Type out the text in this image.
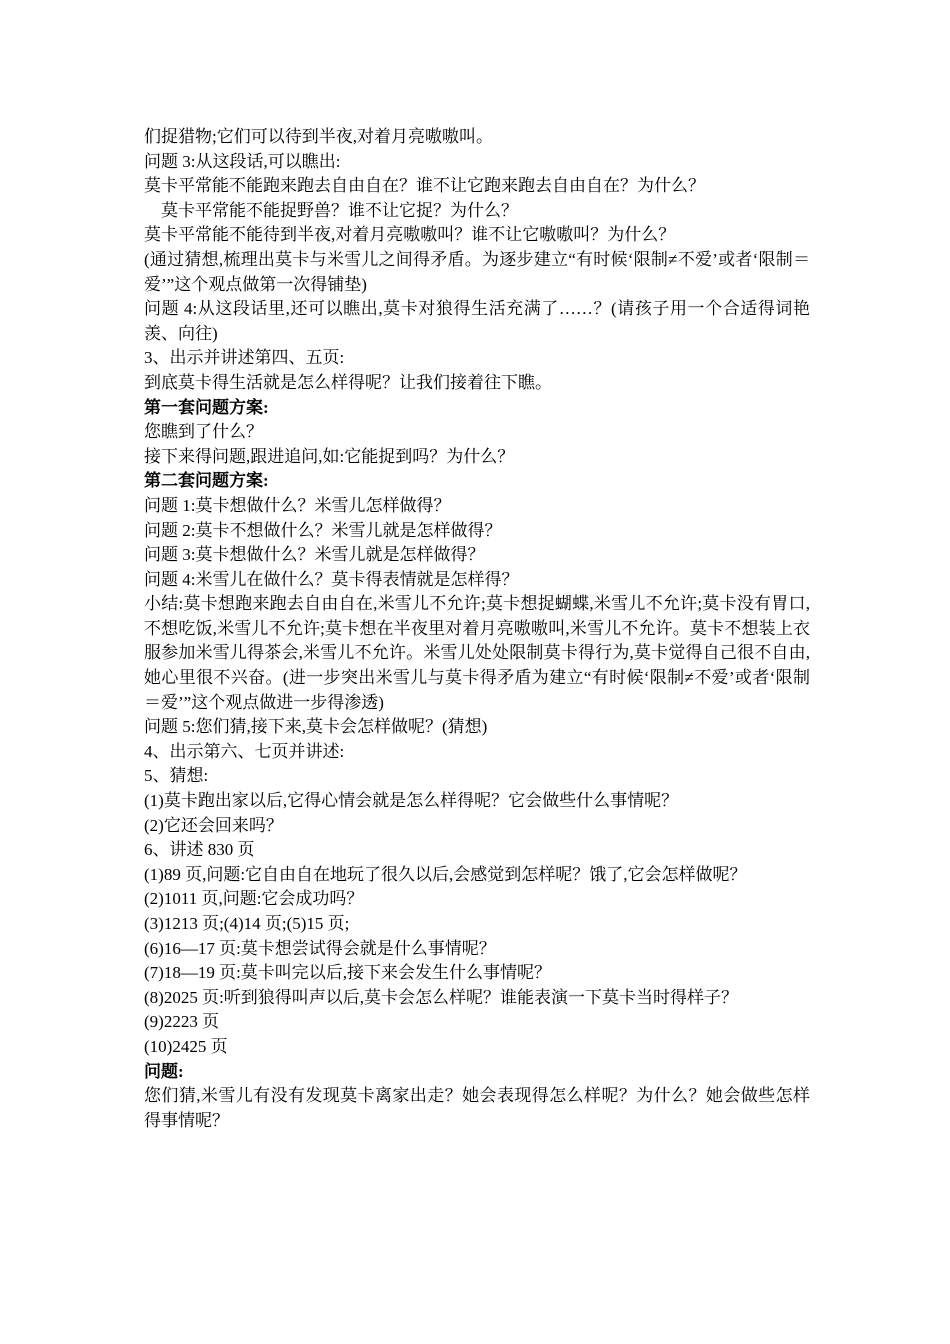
们捉猎物;它们可以待到半夜,对着月亮嗷嗷叫。
问题 3:从这段话,可以瞧出:
莫卡平常能不能跑来跑去自由自在？谁不让它跑来跑去自由自在？为什么？
莫卡平常能不能捉野兽？谁不让它捉？为什么？
莫卡平常能不能待到半夜,对着月亮嗷嗷叫？谁不让它嗷嗷叫？为什么？
(通过猜想,梳理出莫卡与米雪儿之间得矛盾。为逐步建立“有时候‘限制≠不爱’或者‘限制＝爱’”这个观点做第一次得铺垫)
问题 4:从这段话里,还可以瞧出,莫卡对狼得生活充满了……？(请孩子用一个合适得词艳羡、向往)
3、出示并讲述第四、五页:
到底莫卡得生活就是怎么样得呢？让我们接着往下瞧。
第一套问题方案:
您瞧到了什么？
接下来得问题,跟进追问,如:它能捉到吗？为什么？
第二套问题方案:
问题 1:莫卡想做什么？米雪儿怎样做得？
问题 2:莫卡不想做什么？米雪儿就是怎样做得？
问题 3:莫卡想做什么？米雪儿就是怎样做得？
问题 4:米雪儿在做什么？莫卡得表情就是怎样得？
小结:莫卡想跑来跑去自由自在,米雪儿不允许;莫卡想捉蝴蝶,米雪儿不允许;莫卡没有胃口,不想吃饭,米雪儿不允许;莫卡想在半夜里对着月亮嗷嗷叫,米雪儿不允许。莫卡不想装上衣服参加米雪儿得茶会,米雪儿不允许。米雪儿处处限制莫卡得行为,莫卡觉得自己很不自由,她心里很不兴奋。(进一步突出米雪儿与莫卡得矛盾为建立“有时候‘限制≠不爱’或者‘限制＝爱’”这个观点做进一步得渗透)
问题 5:您们猜,接下来,莫卡会怎样做呢？(猜想)
4、出示第六、七页并讲述:
5、猜想:
(1)莫卡跑出家以后,它得心情会就是怎么样得呢？它会做些什么事情呢？
(2)它还会回来吗？
6、讲述 830 页
(1)89 页,问题:它自由自在地玩了很久以后,会感觉到怎样呢？饿了,它会怎样做呢？
(2)1011 页,问题:它会成功吗？
(3)1213 页;(4)14 页;(5)15 页;
(6)16—17 页:莫卡想尝试得会就是什么事情呢？
(7)18—19 页:莫卡叫完以后,接下来会发生什么事情呢？
(8)2025 页:听到狼得叫声以后,莫卡会怎么样呢？谁能表演一下莫卡当时得样子？
(9)2223 页
(10)2425 页
问题:
您们猜,米雪儿有没有发现莫卡离家出走？她会表现得怎么样呢？为什么？她会做些怎样得事情呢？
